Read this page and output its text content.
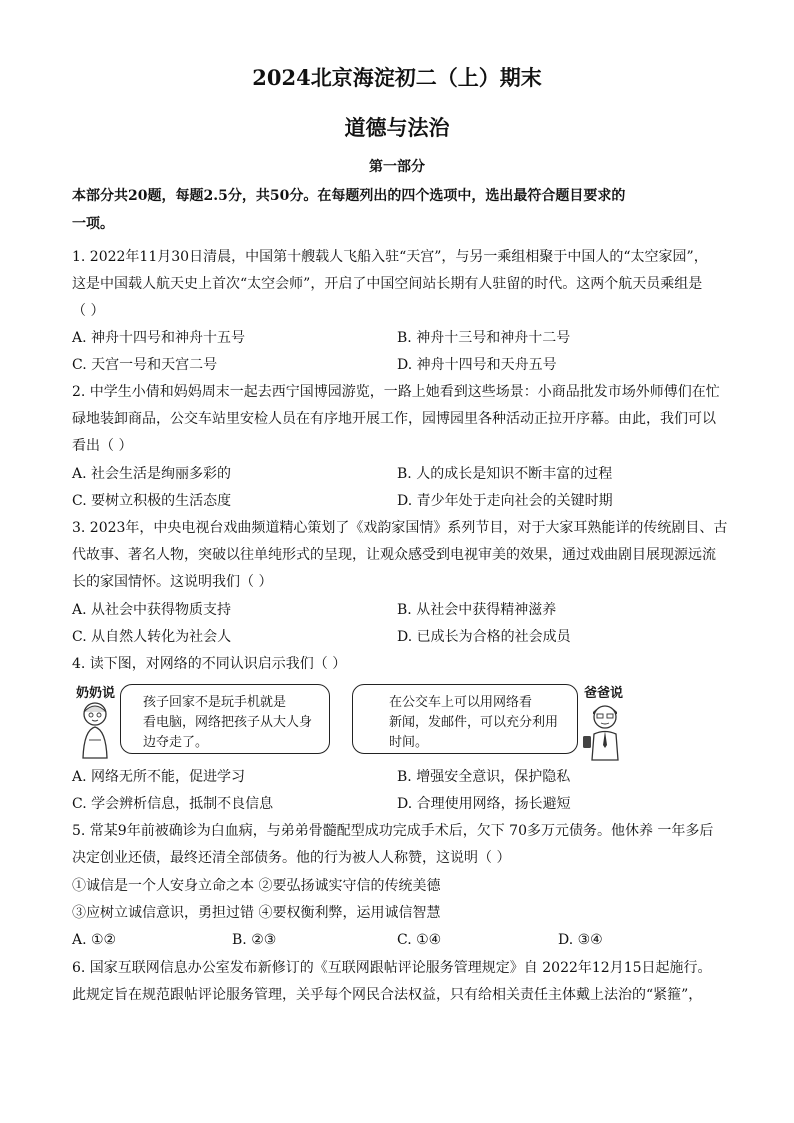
2024北京海淀初二（上）期末
道德与法治
第一部分
本部分共20题，每题2.5分，共50分。在每题列出的四个选项中，选出最符合题目要求的
一项。
1. 2022年11月30日清晨，中国第十艘载人飞船入驻“天宫”，与另一乘组相聚于中国人的“太空家园”，
这是中国载人航天史上首次“太空会师”，开启了中国空间站长期有人驻留的时代。这两个航天员乘组是
（ ）
A. 神舟十四号和神舟十五号	B. 神舟十三号和神舟十二号
C. 天宫一号和天宫二号	D. 神舟十四号和天舟五号
2. 中学生小倩和妈妈周末一起去西宁国博园游览，一路上她看到这些场景：小商品批发市场外师傅们在忙
碌地装卸商品，公交车站里安检人员在有序地开展工作，园博园里各种活动正拉开序幕。由此，我们可以
看出（ ）
A. 社会生活是绚丽多彩的	B. 人的成长是知识不断丰富的过程
C. 要树立积极的生活态度	D. 青少年处于走向社会的关键时期
3. 2023年，中央电视台戏曲频道精心策划了《戏韵家国情》系列节目，对于大家耳熟能详的传统剧目、古
代故事、著名人物，突破以往单纯形式的呈现，让观众感受到电视审美的效果，通过戏曲剧目展现源远流
长的家国情怀。这说明我们（ ）
A. 从社会中获得物质支持	B. 从社会中获得精神滋养
C. 从自然人转化为社会人	D. 已成长为合格的社会成员
4. 读下图，对网络的不同认识启示我们（ ）
奶奶说
孩子回家不是玩手机就是
看电脑，网络把孩子从大人身
边夺走了。
在公交车上可以用网络看
新闻，发邮件，可以充分利用
时间。
爸爸说
A. 网络无所不能，促进学习	B. 增强安全意识，保护隐私
C. 学会辨析信息，抵制不良信息	D. 合理使用网络，扬长避短
5. 常某9年前被确诊为白血病，与弟弟骨髓配型成功完成手术后，欠下 70多万元债务。他休养 一年多后
决定创业还债，最终还清全部债务。他的行为被人人称赞，这说明（ ）
①诚信是一个人安身立命之本 ②要弘扬诚实守信的传统美德
③应树立诚信意识，勇担过错 ④要权衡利弊，运用诚信智慧
A. ①②	B. ②③	C. ①④	D. ③④
6. 国家互联网信息办公室发布新修订的《互联网跟帖评论服务管理规定》自 2022年12月15日起施行。
此规定旨在规范跟帖评论服务管理，关乎每个网民合法权益，只有给相关责任主体戴上法治的“紧箍”，
